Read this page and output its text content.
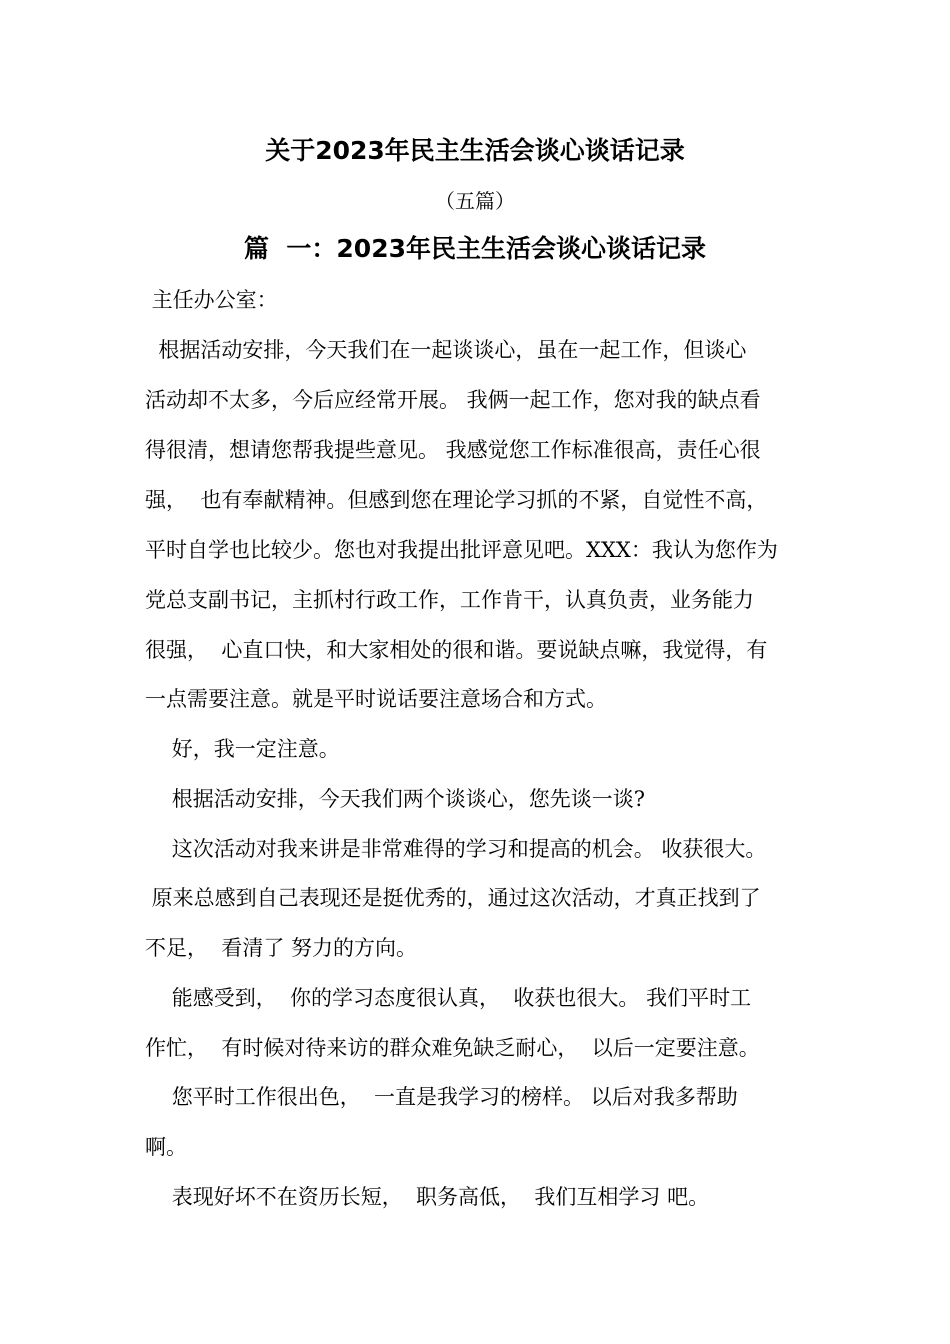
关于2023年民主生活会谈心谈话记录
（五篇）
篇  一：2023年民主生活会谈心谈话记录
主任办公室：
根据活动安排，今天我们在一起谈谈心，虽在一起工作，但谈心
活动却不太多，今后应经常开展。 我俩一起工作，您对我的缺点看
得很清，想请您帮我提些意见。 我感觉您工作标准很高，责任心很
强，  也有奉献精神。但感到您在理论学习抓的不紧，自觉性不高，
平时自学也比较少。您也对我提出批评意见吧。XXX：我认为您作为
党总支副书记，主抓村行政工作，工作肯干，认真负责，业务能力
很强，  心直口快，和大家相处的很和谐。要说缺点嘛，我觉得，有
一点需要注意。就是平时说话要注意场合和方式。
好，我一定注意。
根据活动安排，今天我们两个谈谈心，您先谈一谈?
这次活动对我来讲是非常难得的学习和提高的机会。 收获很大。
原来总感到自己表现还是挺优秀的，通过这次活动，才真正找到了
不足，  看清了 努力的方向。
能感受到，  你的学习态度很认真，  收获也很大。 我们平时工
作忙，  有时候对待来访的群众难免缺乏耐心，  以后一定要注意。
您平时工作很出色，  一直是我学习的榜样。 以后对我多帮助
啊。
表现好坏不在资历长短，  职务高低，  我们互相学习 吧。
